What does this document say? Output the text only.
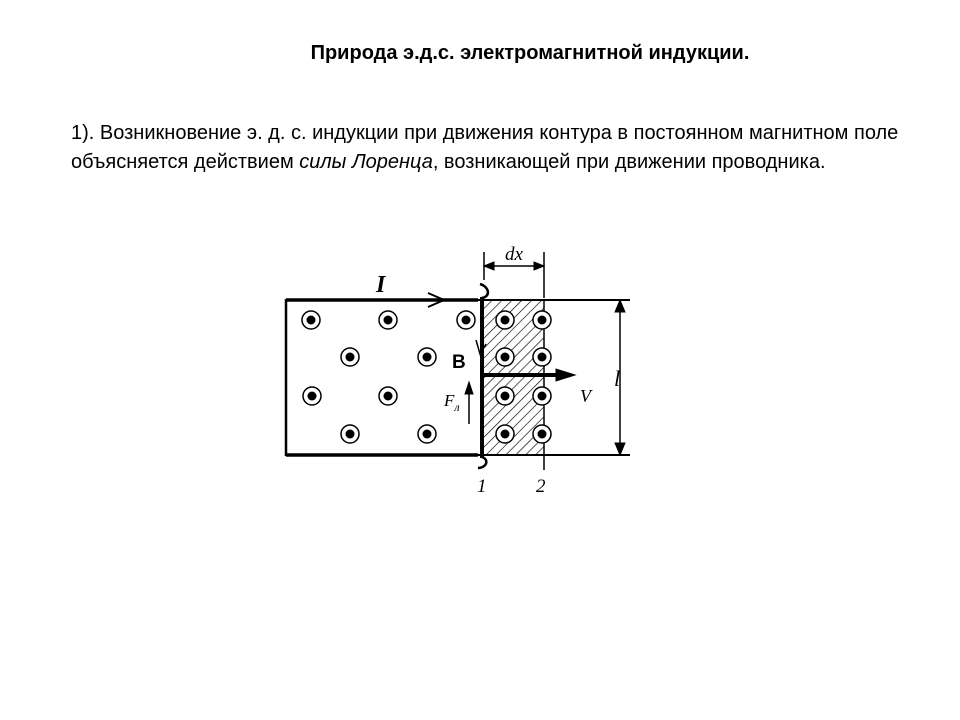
Природа э.д.с. электромагнитной индукции.
1). Возникновение э. д. с. индукции при движения контура в постоянном магнитном поле объясняется действием силы Лоренца, возникающей при движении проводника.
I
dx
B
$F_л$
V
l
1	2
